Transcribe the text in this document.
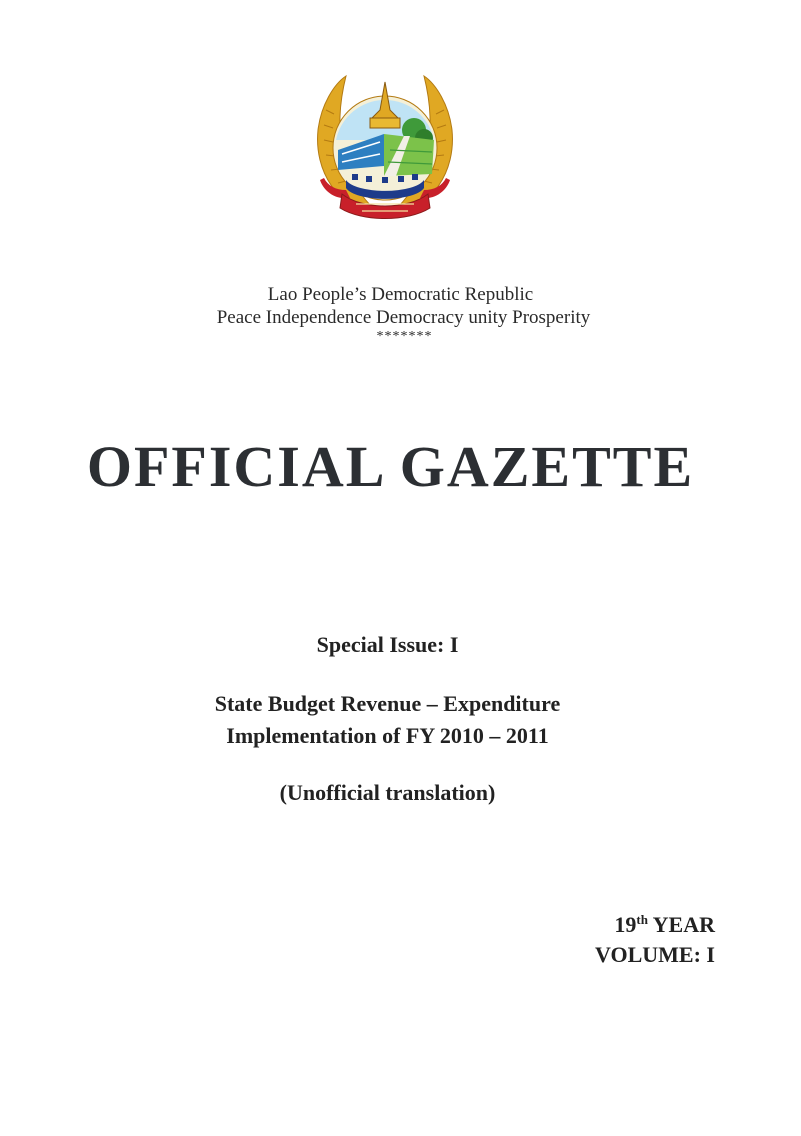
Lao People’s Democratic Republic
Peace Independence Democracy unity Prosperity
*******
OFFICIAL GAZETTE
Special Issue: I
State Budget Revenue – Expenditure
Implementation of FY 2010 – 2011
(Unofficial translation)
19th YEAR
VOLUME: I
